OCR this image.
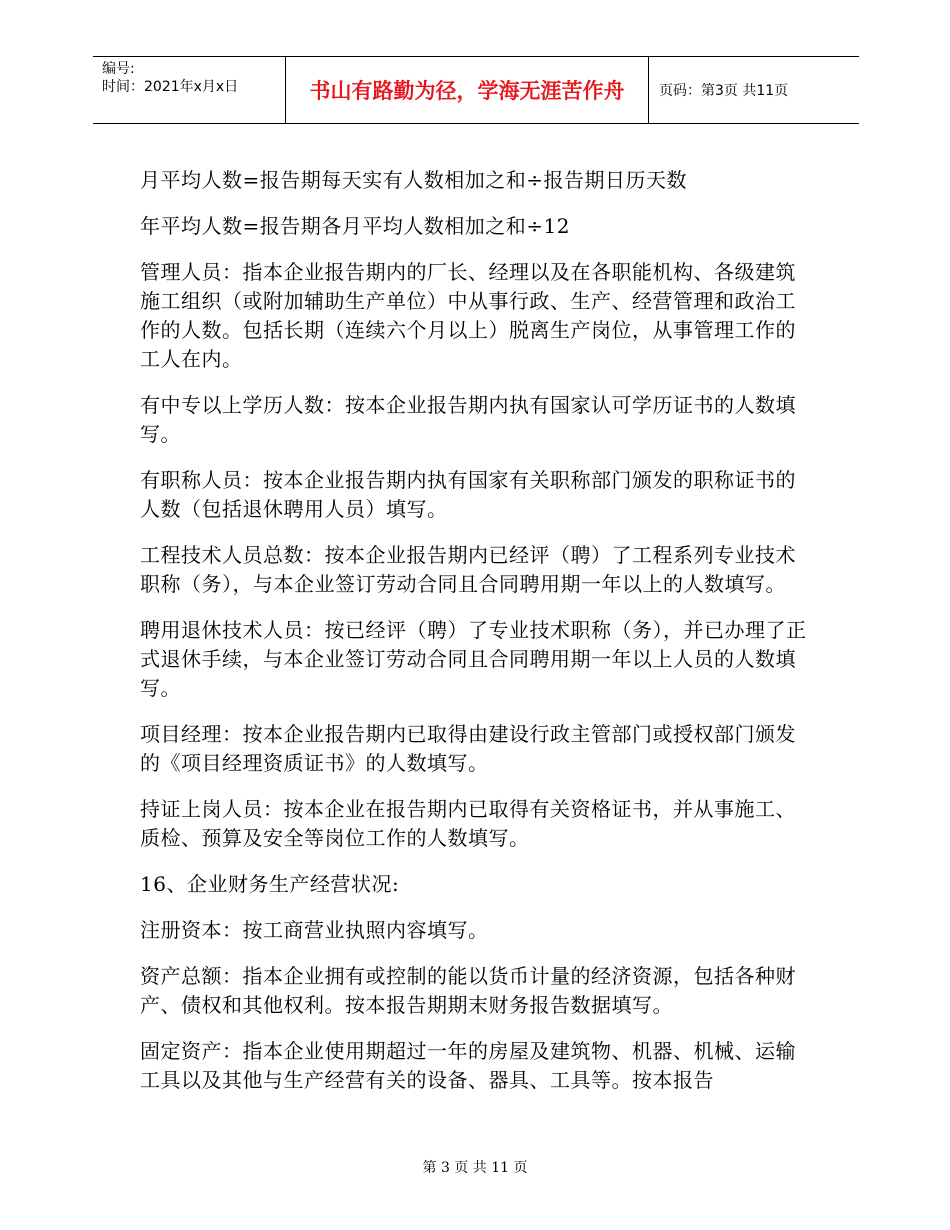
编号:
时间：2021年x月x日	书山有路勤为径，学海无涯苦作舟	页码：第3页 共11页

月平均人数=报告期每天实有人数相加之和÷报告期日历天数

年平均人数=报告期各月平均人数相加之和÷12

管理人员：指本企业报告期内的厂长、经理以及在各职能机构、各级建筑施工组织（或附加辅助生产单位）中从事行政、生产、经营管理和政治工作的人数。包括长期（连续六个月以上）脱离生产岗位，从事管理工作的工人在内。

有中专以上学历人数：按本企业报告期内执有国家认可学历证书的人数填写。

有职称人员：按本企业报告期内执有国家有关职称部门颁发的职称证书的人数（包括退休聘用人员）填写。

工程技术人员总数：按本企业报告期内已经评（聘）了工程系列专业技术职称（务），与本企业签订劳动合同且合同聘用期一年以上的人数填写。

聘用退休技术人员：按已经评（聘）了专业技术职称（务），并已办理了正式退休手续，与本企业签订劳动合同且合同聘用期一年以上人员的人数填写。

项目经理：按本企业报告期内已取得由建设行政主管部门或授权部门颁发的《项目经理资质证书》的人数填写。

持证上岗人员：按本企业在报告期内已取得有关资格证书，并从事施工、质检、预算及安全等岗位工作的人数填写。

16、企业财务生产经营状况:

注册资本：按工商营业执照内容填写。

资产总额：指本企业拥有或控制的能以货币计量的经济资源，包括各种财产、债权和其他权利。按本报告期期末财务报告数据填写。

固定资产：指本企业使用期超过一年的房屋及建筑物、机器、机械、运输工具以及其他与生产经营有关的设备、器具、工具等。按本报告

第 3 页 共 11 页
